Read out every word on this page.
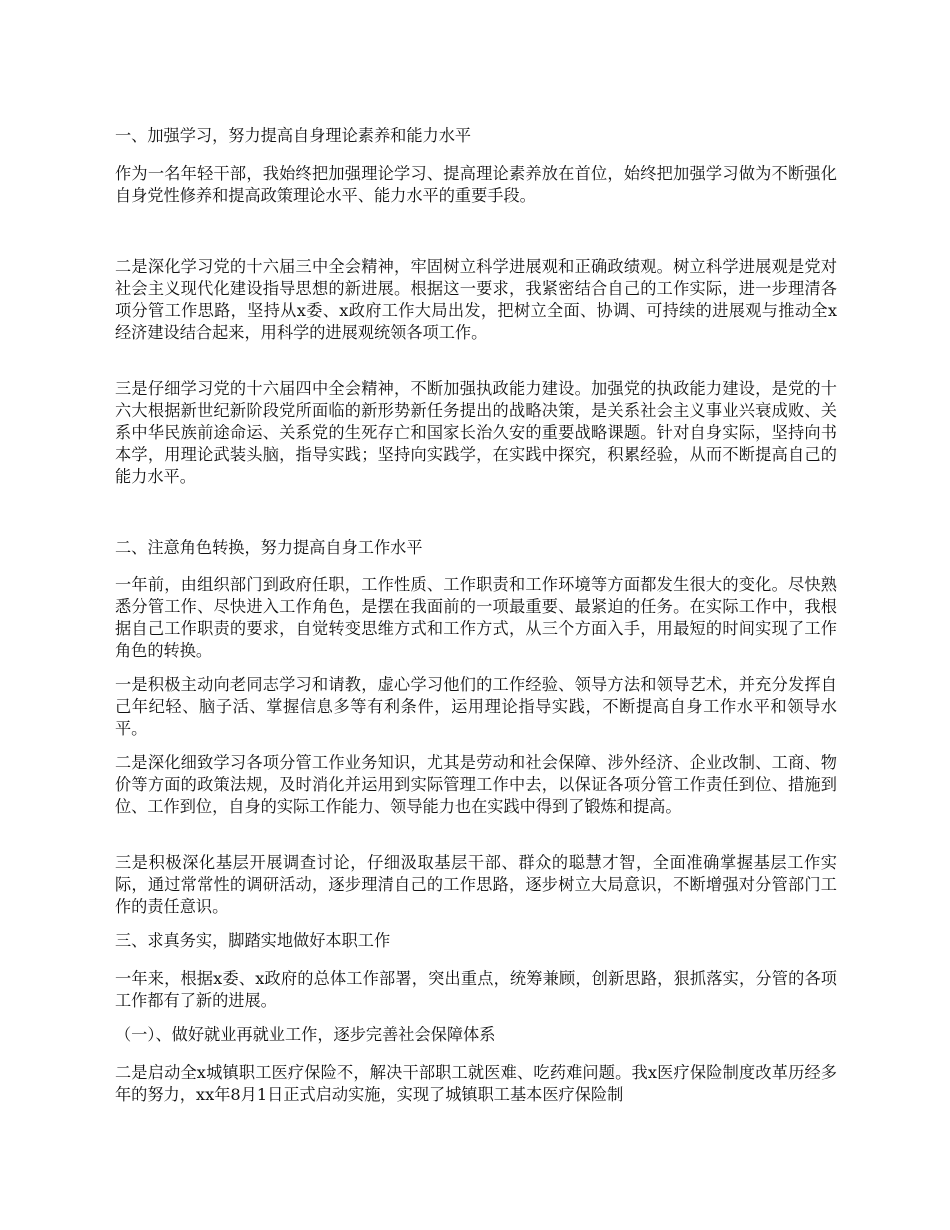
一、加强学习，努力提高自身理论素养和能力水平

作为一名年轻干部，我始终把加强理论学习、提高理论素养放在首位，始终把加强学习做为不断强化自身党性修养和提高政策理论水平、能力水平的重要手段。

二是深化学习党的十六届三中全会精神，牢固树立科学进展观和正确政绩观。树立科学进展观是党对社会主义现代化建设指导思想的新进展。根据这一要求，我紧密结合自己的工作实际，进一步理清各项分管工作思路，坚持从x委、x政府工作大局出发，把树立全面、协调、可持续的进展观与推动全x经济建设结合起来，用科学的进展观统领各项工作。

三是仔细学习党的十六届四中全会精神，不断加强执政能力建设。加强党的执政能力建设，是党的十六大根据新世纪新阶段党所面临的新形势新任务提出的战略决策，是关系社会主义事业兴衰成败、关系中华民族前途命运、关系党的生死存亡和国家长治久安的重要战略课题。针对自身实际，坚持向书本学，用理论武装头脑，指导实践；坚持向实践学，在实践中探究，积累经验，从而不断提高自己的能力水平。

二、注意角色转换，努力提高自身工作水平

一年前，由组织部门到政府任职，工作性质、工作职责和工作环境等方面都发生很大的变化。尽快熟悉分管工作、尽快进入工作角色，是摆在我面前的一项最重要、最紧迫的任务。在实际工作中，我根据自己工作职责的要求，自觉转变思维方式和工作方式，从三个方面入手，用最短的时间实现了工作角色的转换。

一是积极主动向老同志学习和请教，虚心学习他们的工作经验、领导方法和领导艺术，并充分发挥自己年纪轻、脑子活、掌握信息多等有利条件，运用理论指导实践，不断提高自身工作水平和领导水平。

二是深化细致学习各项分管工作业务知识，尤其是劳动和社会保障、涉外经济、企业改制、工商、物价等方面的政策法规，及时消化并运用到实际管理工作中去，以保证各项分管工作责任到位、措施到位、工作到位，自身的实际工作能力、领导能力也在实践中得到了锻炼和提高。

三是积极深化基层开展调查讨论，仔细汲取基层干部、群众的聪慧才智，全面准确掌握基层工作实际，通过常常性的调研活动，逐步理清自己的工作思路，逐步树立大局意识，不断增强对分管部门工作的责任意识。

三、求真务实，脚踏实地做好本职工作

一年来，根据x委、x政府的总体工作部署，突出重点，统筹兼顾，创新思路，狠抓落实，分管的各项工作都有了新的进展。

（一）、做好就业再就业工作，逐步完善社会保障体系

二是启动全x城镇职工医疗保险不，解决干部职工就医难、吃药难问题。我x医疗保险制度改革历经多年的努力，xx年8月1日正式启动实施，实现了城镇职工基本医疗保险制
